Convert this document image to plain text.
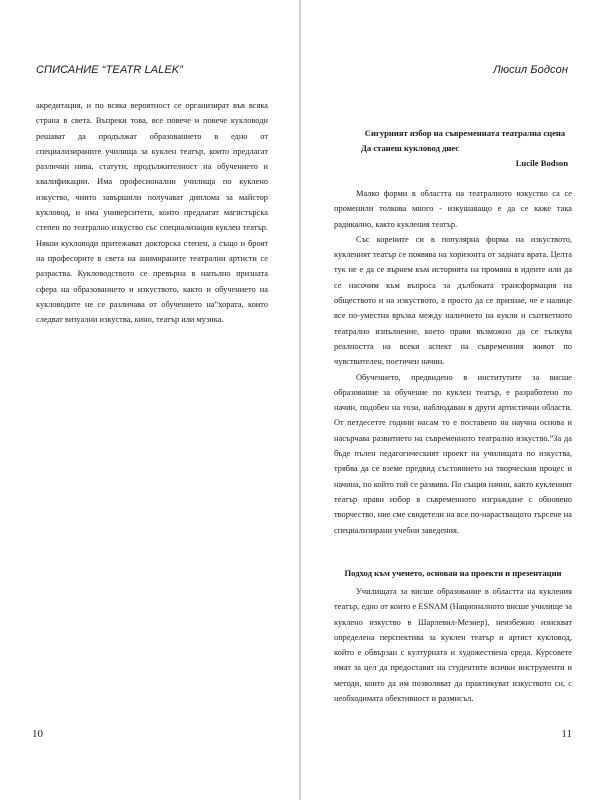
СПИСАНИЕ “TEATR LALEK”

акредитация, и по всяка вероятност се организират във всяка страна в света. Въпреки това, все повече и повече кукловоди решават да продължат образованието в едно от специализираните училища за куклен театър, които предлагат различни нива, статути, продължителност на обучението и квалификации. Има професионални училища по куклено изкуство, чиито завършили получават диплома за майстор кукловод, и има университети, които предлагат магистърска степен по театрално изкуство със специализация куклен театър. Някои кукловоди притежават докторска степен, а също и броят на професорите в света на анимираните театрални артисти се разраства. Кукловодството се превърна в напълно призната сфера на образованието и изкуството, както и обучението на кукловодите не се различава от обучението на”хората, които следват визуални изкуства, кино, театър или музика.

10
Люсил Бодсон
Сигурният избор на съвременната театрална сцена
Да станеш кукловод днес
Lucile Bodson

Малко форми в областта на театралното изкуство са се променили толкова много - изкушаващо е да се каже така радикално, както кукления театър.

Със корените си в популярна форма на изкуството, кукленият театър се появява на хоризонта от задната врата. Целта тук не е да се върнем към историята на промяна в идеите или да се насочим към въпроса за дълбоката трансформация на обществото и на изкуството, а просто да се признае, че е налице все по-уместна връзка между наличието на кукли и съответното театрално изпълнение, което прави възможно да се тълкува реалността на всеки аспект на съвременния живот по чувствителен, поетичен начин.

Обучението, предвидено в институтите за висше образование за обучение по куклен театър, е разработено по начин, подобен на този, наблюдаван в други артистични области. От петдесетте години насам то е поставено на научна основа и насърчава развитието на съвременното театрално изкуство.”За да бъде пълен педагогическият проект на училищата по изкуства, трябва да се вземе предвид състоянието на творческия процес и начина, по който той се развива. По същия начин, както кукленият театър прави избор в съвременното изграждане с обновено творчество, ние сме свидетели на все по-нарастващото търсене на специализирани учебни заведения.

Подход към ученето, основан на проекти и презентации

Училищата за висше образование в областта на кукления театър, едно от които е ESNAM (Националното висше училище за куклено изкуство в Шарлевил-Мезиер), неизбежно изискват определена перспектива за куклен театър и артист кукловод, който е обвързан с културната и художествена среда. Курсовете имат за цел да предоставят на студентите всички инструменти и методи, които да им позволяват да практикуват изкуството си, с необходимата обективност и размисъл.

11
